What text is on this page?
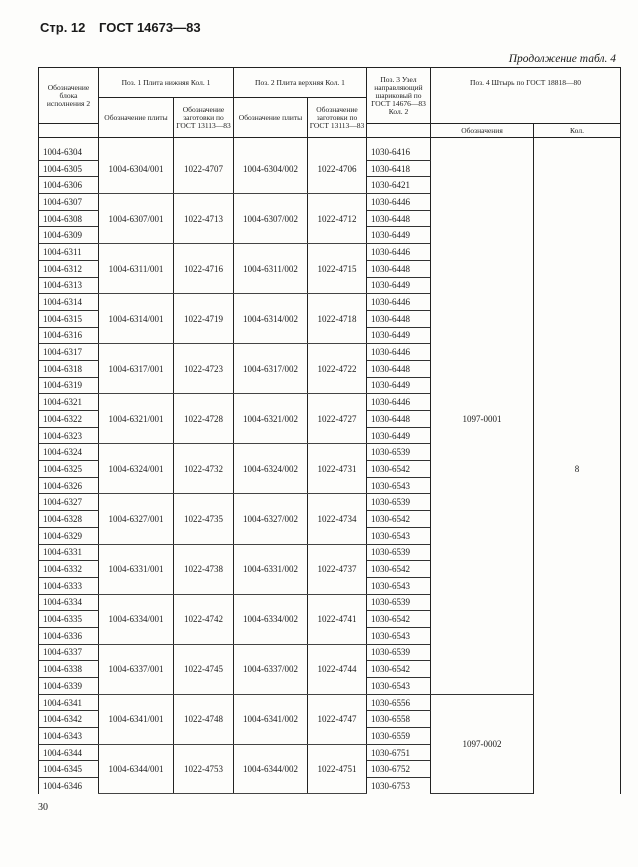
Стр. 12 ГОСТ 14673—83
Продолжение табл. 4
Обозначение блока исполнения 2	Поз. 1 Плита нижняя Кол. 1		Поз. 2 Плита верхняя Кол. 1		Поз. 3 Узел направляющий шариковый по ГОСТ 14676—83 Кол. 2	Поз. 4 Штырь по ГОСТ 18818—80	
	Обозначение плиты	Обозначение заготовки по ГОСТ 13113—83	Обозначение плиты	Обозначение заготовки по ГОСТ 13113—83			
						Обозначения	Кол.

1004-6304	1004-6304/001	1022-4707	1004-6304/002	1022-4706	1030-6416	1097-0001	8
1004-6305					1030-6418		
1004-6306					1030-6421		
1004-6307	1004-6307/001	1022-4713	1004-6307/002	1022-4712	1030-6446		
1004-6308					1030-6448		
1004-6309					1030-6449		
1004-6311	1004-6311/001	1022-4716	1004-6311/002	1022-4715	1030-6446		
1004-6312					1030-6448		
1004-6313					1030-6449		
1004-6314	1004-6314/001	1022-4719	1004-6314/002	1022-4718	1030-6446		
1004-6315					1030-6448		
1004-6316					1030-6449		
1004-6317	1004-6317/001	1022-4723	1004-6317/002	1022-4722	1030-6446		
1004-6318					1030-6448		
1004-6319					1030-6449		
1004-6321	1004-6321/001	1022-4728	1004-6321/002	1022-4727	1030-6446		
1004-6322					1030-6448		
1004-6323					1030-6449		
1004-6324	1004-6324/001	1022-4732	1004-6324/002	1022-4731	1030-6539		
1004-6325					1030-6542		
1004-6326					1030-6543		
1004-6327	1004-6327/001	1022-4735	1004-6327/002	1022-4734	1030-6539		
1004-6328					1030-6542		
1004-6329					1030-6543		
1004-6331	1004-6331/001	1022-4738	1004-6331/002	1022-4737	1030-6539		
1004-6332					1030-6542		
1004-6333					1030-6543		
1004-6334	1004-6334/001	1022-4742	1004-6334/002	1022-4741	1030-6539		
1004-6335					1030-6542		
1004-6336					1030-6543		
1004-6337	1004-6337/001	1022-4745	1004-6337/002	1022-4744	1030-6539		
1004-6338					1030-6542		
1004-6339					1030-6543		
1004-6341	1004-6341/001	1022-4748	1004-6341/002	1022-4747	1030-6556	1097-0002	
1004-6342					1030-6558		
1004-6343					1030-6559		
1004-6344	1004-6344/001	1022-4753	1004-6344/002	1022-4751	1030-6751		
1004-6345					1030-6752		
1004-6346					1030-6753		
30
